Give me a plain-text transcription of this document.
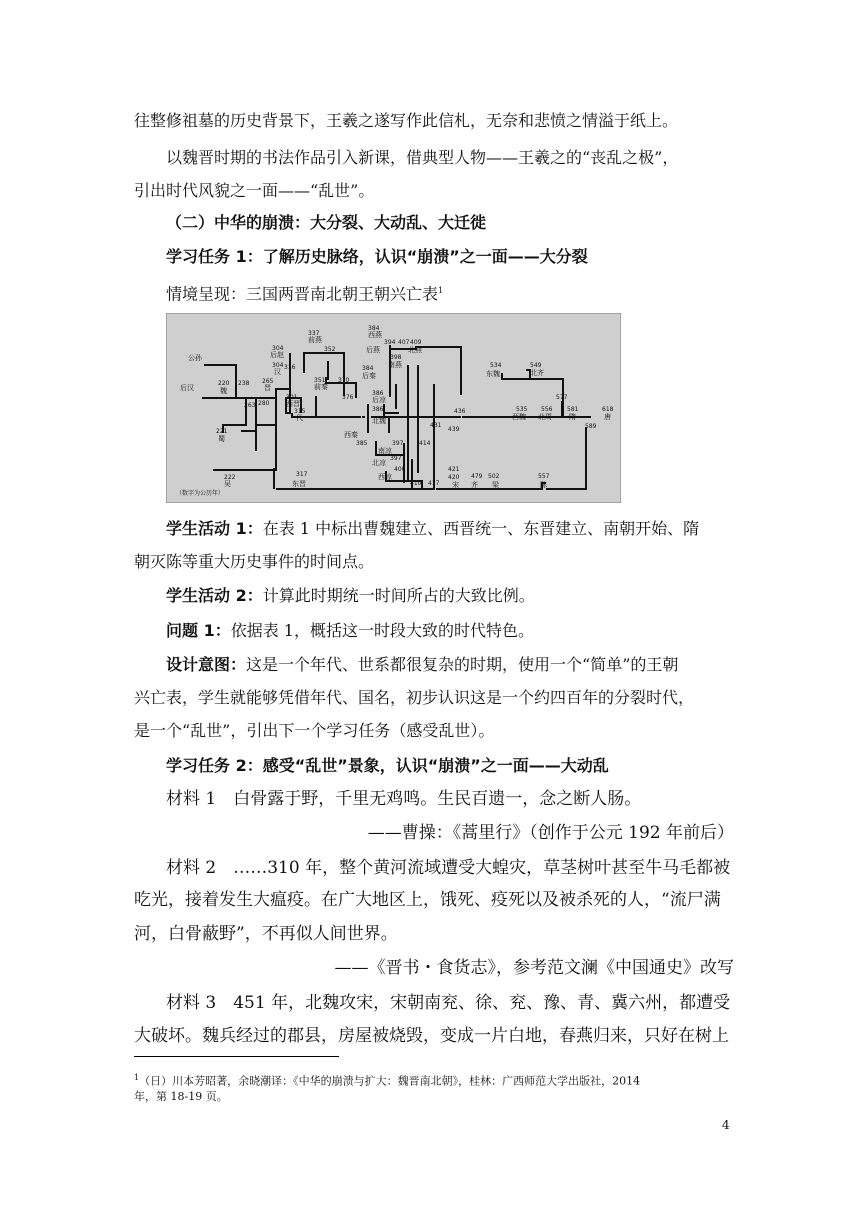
往整修祖墓的历史背景下，王羲之遂写作此信札，无奈和悲愤之情溢于纸上。
以魏晋时期的书法作品引入新课，借典型人物——王羲之的“丧乱之极”，
引出时代风貌之一面——“乱世”。
（二）中华的崩溃：大分裂、大动乱、大迁徙
学习任务 1：了解历史脉络，认识“崩溃”之一面——大分裂
情境呈现：三国两晋南北朝王朝兴亡表$^1$
公孙
后汉
220
魏
238
263
221
蜀
222
吴
265
晋
280
301
西晋
315
代
304
后赵
304
汉
316
337
前燕
352
351
前秦
370
376
384
西燕
394 407 409
后燕	北燕
398
南燕
384
后秦
386
后凉
386
北魏
西秦
385	397
南凉
414
397
北凉
400
西凉
421
410 417
420
宋
439
431
436
317
东晋
479
齐
502
梁
557
陈
534
东魏
549
北齐
577
535
西魏
556
北周
581
隋
589
618
唐
（数字为公历年）
学生活动 1：在表 1 中标出曹魏建立、西晋统一、东晋建立、南朝开始、隋
朝灭陈等重大历史事件的时间点。
学生活动 2：计算此时期统一时间所占的大致比例。
问题 1：依据表 1，概括这一时段大致的时代特色。
设计意图：这是一个年代、世系都很复杂的时期，使用一个“简单”的王朝
兴亡表，学生就能够凭借年代、国名，初步认识这是一个约四百年的分裂时代，
是一个“乱世”，引出下一个学习任务（感受乱世）。
学习任务 2：感受“乱世”景象，认识“崩溃”之一面——大动乱
材料 1　白骨露于野，千里无鸡鸣。生民百遗一，念之断人肠。
——曹操：《蒿里行》（创作于公元 192 年前后）
材料 2　……310 年，整个黄河流域遭受大蝗灾，草茎树叶甚至牛马毛都被
吃光，接着发生大瘟疫。在广大地区上，饿死、疫死以及被杀死的人，“流尸满
河，白骨蔽野”，不再似人间世界。
——《晋书・食货志》，参考范文澜《中国通史》改写
材料 3　451 年，北魏攻宋，宋朝南兖、徐、兖、豫、青、冀六州，都遭受
大破坏。魏兵经过的郡县，房屋被烧毁，变成一片白地，春燕归来，只好在树上
$^1$（日）川本芳昭著，余晓潮译：《中华的崩溃与扩大：魏晋南北朝》，桂林：广西师范大学出版社，2014
年，第 18-19 页。
4
